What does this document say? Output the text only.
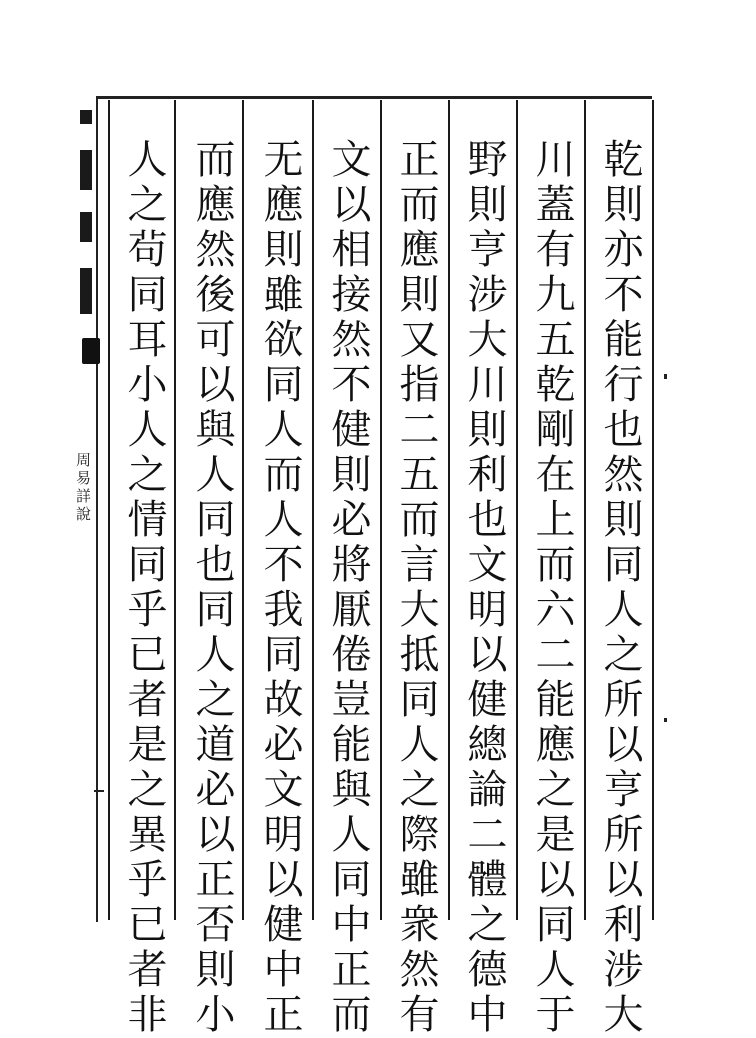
周易詳說	乾則亦不能行也然則同人之所以亨所以利涉大
川蓋有九五乾剛在上而六二能應之是以同人于
野則亨涉大川則利也文明以健總論二體之德中
正而應則又指二五而言大抵同人之際雖衆然有
文以相接然不健則必將厭倦豈能與人同中正而
无應則雖欲同人而人不我同故必文明以健中正
而應然後可以與人同也同人之道必以正否則小
人之茍同耳小人之情同乎已者是之異乎已者非
